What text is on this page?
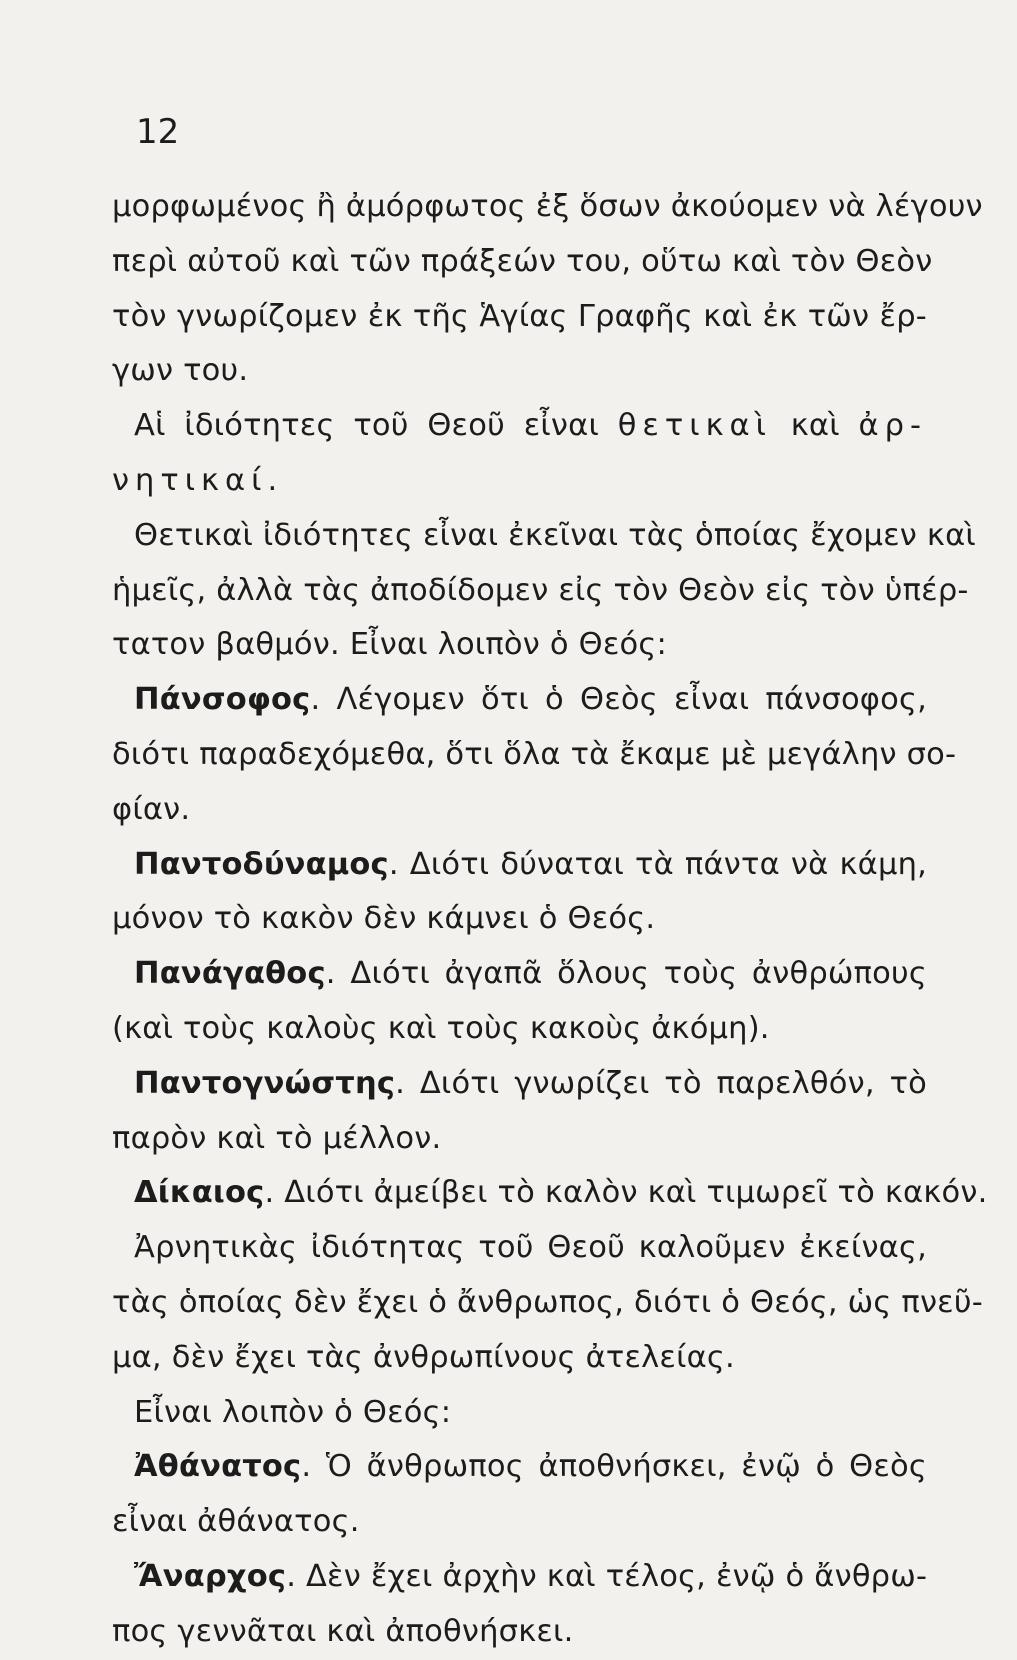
12
μορφωμένος ἢ ἀμόρφωτος ἐξ ὅσων ἀκούομεν νὰ λέγουν
περὶ αὐτοῦ καὶ τῶν πράξεών του, οὕτω καὶ τὸν Θεὸν
τὸν γνωρίζομεν ἐκ τῆς Ἁγίας Γραφῆς καὶ ἐκ τῶν ἔρ-
γων του.
Αἱ ἰδιότητες τοῦ Θεοῦ εἶναι θετικαὶ καὶ ἀρ-
νητικαί.
Θετικαὶ ἰδιότητες εἶναι ἐκεῖναι τὰς ὁποίας ἔχομεν καὶ
ἡμεῖς, ἀλλὰ τὰς ἀποδίδομεν εἰς τὸν Θεὸν εἰς τὸν ὑπέρ-
τατον βαθμόν. Εἶναι λοιπὸν ὁ Θεός:
Πάνσοφος. Λέγομεν ὅτι ὁ Θεὸς εἶναι πάνσοφος,
διότι παραδεχόμεθα, ὅτι ὅλα τὰ ἔκαμε μὲ μεγάλην σο-
φίαν.
Παντοδύναμος. Διότι δύναται τὰ πάντα νὰ κάμη,
μόνον τὸ κακὸν δὲν κάμνει ὁ Θεός.
Πανάγαθος. Διότι ἀγαπᾶ ὅλους τοὺς ἀνθρώπους
(καὶ τοὺς καλοὺς καὶ τοὺς κακοὺς ἀκόμη).
Παντογνώστης. Διότι γνωρίζει τὸ παρελθόν, τὸ
παρὸν καὶ τὸ μέλλον.
Δίκαιος. Διότι ἀμείβει τὸ καλὸν καὶ τιμωρεῖ τὸ κακόν.
Ἀρνητικὰς ἰδιότητας τοῦ Θεοῦ καλοῦμεν ἐκείνας,
τὰς ὁποίας δὲν ἔχει ὁ ἄνθρωπος, διότι ὁ Θεός, ὡς πνεῦ-
μα, δὲν ἔχει τὰς ἀνθρωπίνους ἀτελείας.
Εἶναι λοιπὸν ὁ Θεός:
Ἀθάνατος. Ὁ ἄνθρωπος ἀποθνήσκει, ἐνῷ ὁ Θεὸς
εἶναι ἀθάνατος.
Ἄναρχος. Δὲν ἔχει ἀρχὴν καὶ τέλος, ἐνῷ ὁ ἄνθρω-
πος γεννᾶται καὶ ἀποθνήσκει.
